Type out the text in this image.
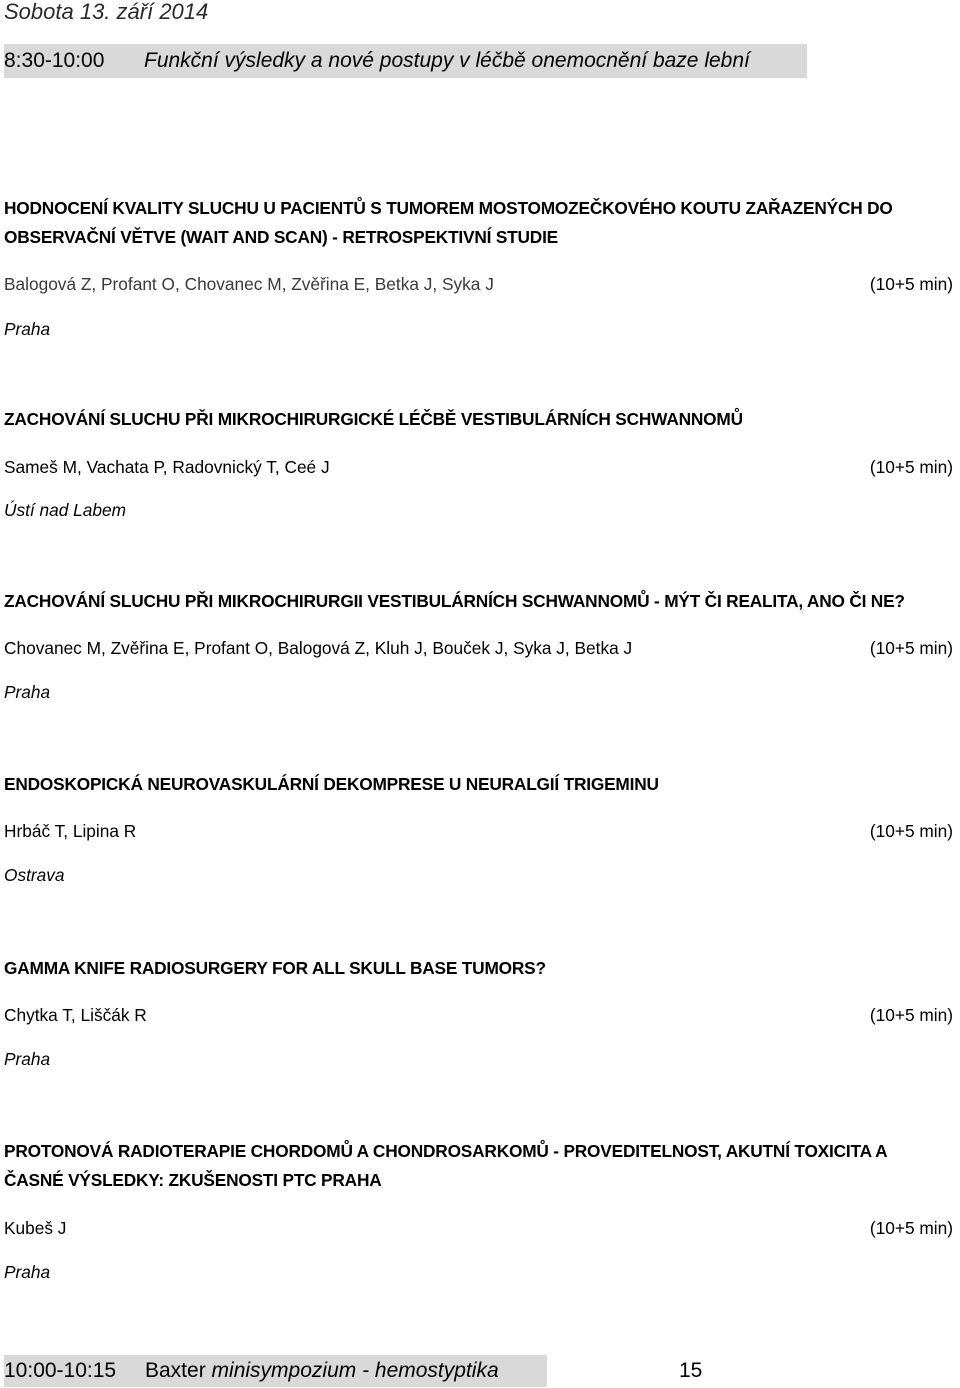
Sobota 13. září 2014
8:30-10:00 Funkční výsledky a nové postupy v léčbě onemocnění baze lební
HODNOCENÍ KVALITY SLUCHU U PACIENTŮ S TUMOREM MOSTOMOZEČKOVÉHO KOUTU ZAŘAZENÝCH DO
OBSERVAČNÍ VĚTVE (WAIT AND SCAN) - RETROSPEKTIVNÍ STUDIE
Balogová Z, Profant O, Chovanec M, Zvěřina E, Betka J, Syka J	(10+5 min)
Praha
ZACHOVÁNÍ SLUCHU PŘI MIKROCHIRURGICKÉ LÉČBĚ VESTIBULÁRNÍCH SCHWANNOMŮ
Sameš M, Vachata P, Radovnický T, Ceé J	(10+5 min)
Ústí nad Labem
ZACHOVÁNÍ SLUCHU PŘI MIKROCHIRURGII VESTIBULÁRNÍCH SCHWANNOMŮ - MÝT ČI REALITA, ANO ČI NE?
Chovanec M, Zvěřina E, Profant O, Balogová Z, Kluh J, Bouček J, Syka J, Betka J	(10+5 min)
Praha
ENDOSKOPICKÁ NEUROVASKULÁRNÍ DEKOMPRESE U NEURALGIÍ TRIGEMINU
Hrbáč T, Lipina R	(10+5 min)
Ostrava
GAMMA KNIFE RADIOSURGERY FOR ALL SKULL BASE TUMORS?
Chytka T, Liščák R	(10+5 min)
Praha
PROTONOVÁ RADIOTERAPIE CHORDOMŮ A CHONDROSARKOMŮ - PROVEDITELNOST, AKUTNÍ TOXICITA A
ČASNÉ VÝSLEDKY: ZKUŠENOSTI PTC PRAHA
Kubeš J	(10+5 min)
Praha
10:00-10:15 Baxter minisympozium - hemostyptika	15
